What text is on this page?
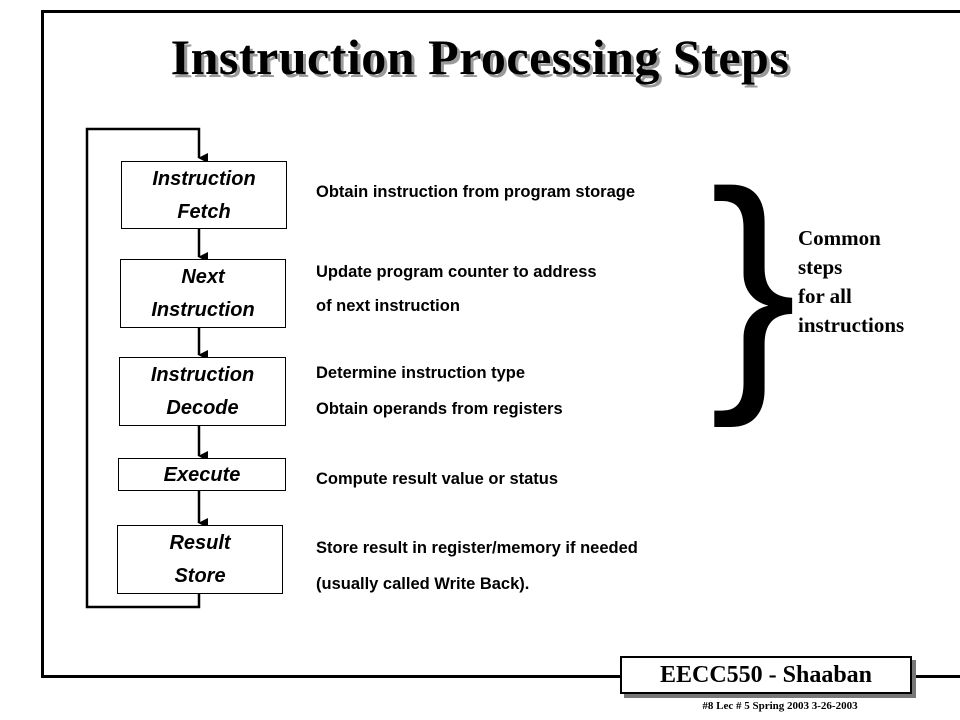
Instruction Processing Steps
Instruction
Fetch
Next
Instruction
Instruction
Decode
Execute
Result
Store
Obtain instruction from program storage
Update program counter to address
of next instruction
Determine instruction type
Obtain operands from registers
Compute result value or status
Store result in register/memory if needed
(usually called Write Back).
} Common
steps
for all
instructions
EECC550 - Shaaban
#8 Lec # 5 Spring 2003 3-26-2003
